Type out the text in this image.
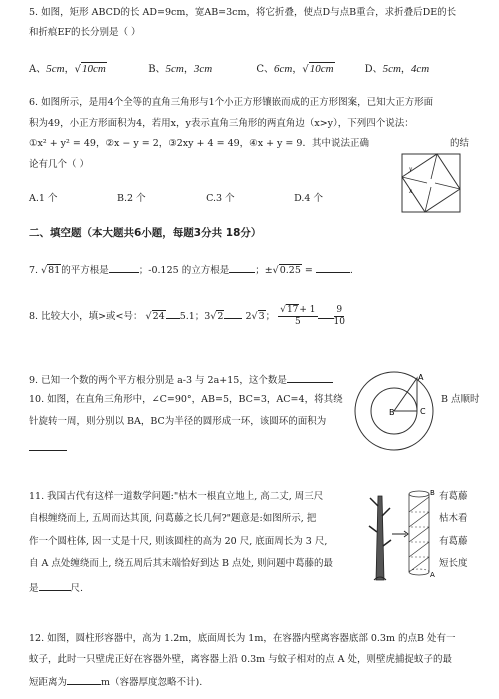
5. 如图，矩形 ABCD的长 AD=9cm，宽AB=3cm，将它折叠，使点D与点B重合，求折叠后DE的长
和折痕EF的长分别是（ ）
A、5cm，√10cm	B、5cm，3cm	C、6cm，√10cm	D、5cm，4cm
6. 如图所示，是用4个全等的直角三角形与1个小正方形镶嵌而成的正方形图案，已知大正方形面
积为49，小正方形面积为4，若用x，y表示直角三角形的两直角边（x>y），下列四个说法：
①x² + y² = 49，②x − y = 2，③2xy + 4 = 49，④x + y = 9．其中说法正确	的结
论有几个（ ）
A.1 个	B.2 个	C.3 个	D.4 个
y
x
二、填空题（本大题共6小题，每题3分共 18分）
7. √81的平方根是	；-0.125 的立方根是	；±√0.25 =	.
8. 比较大小，填>或<号： √24 5.1；3√2 2√3； $\frac{√17+ 1}{5} \frac{9}{10}$
9. 已知一个数的两个平方根分别是 a-3 与 2a+15，这个数是
10. 如图，在直角三角形中，∠C=90°，AB=5，BC=3，AC=4，将其绕	B 点顺时
针旋转一周，则分别以 BA，BC为半径的圆形成一环，该圆环的面积为
A
B	C
11. 我国古代有这样一道数学问题:"枯木一根直立地上, 高二丈, 周三尺
自根缠绕而上, 五周而达其顶, 问葛藤之长几何?"题意是:如图所示, 把
作一个圆柱体, 因一丈是十尺, 则该圆柱的高为 20 尺, 底面周长为 3 尺,
自 A 点处缠绕而上, 绕五周后其末端恰好到达 B 点处, 则问题中葛藤的最
是	尺.
有葛藤
枯木看
有葛藤
短长度
B
A
12. 如图，圆柱形容器中，高为 1.2m，底面周长为 1m，在容器内壁离容器底部 0.3m 的点B 处有一
蚊子，此时一只壁虎正好在容器外壁，离容器上沿 0.3m 与蚊子相对的点 A 处，则壁虎捕捉蚊子的最
短距离为	m（容器厚度忽略不计).
